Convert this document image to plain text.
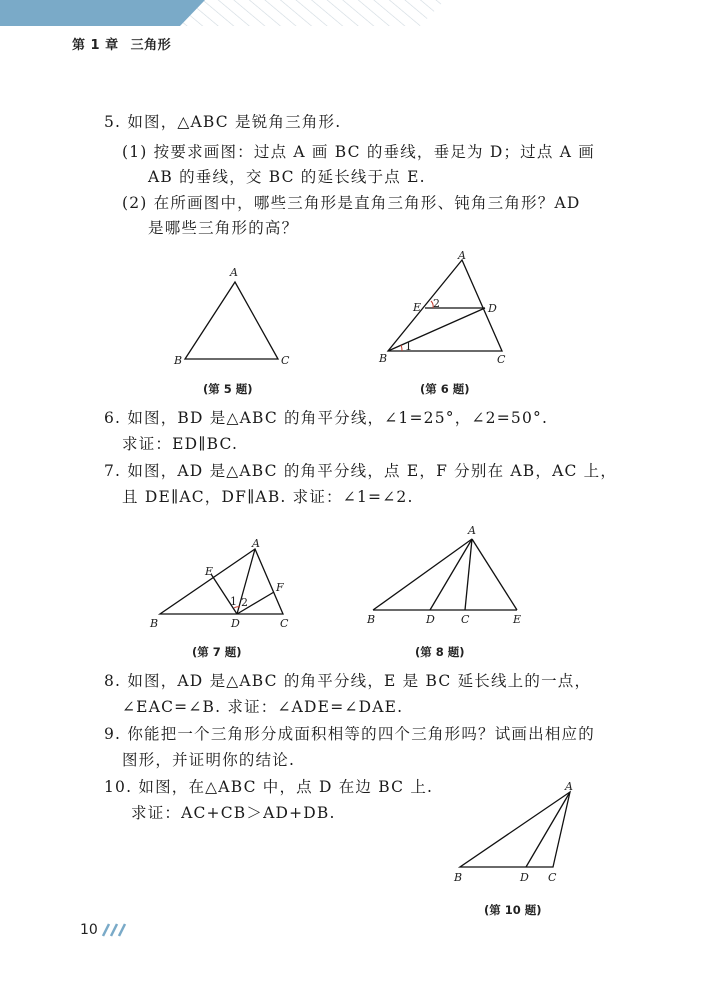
第 1 章 三角形
5. 如图，△ABC 是锐角三角形.
(1) 按要求画图：过点 A 画 BC 的垂线，垂足为 D；过点 A 画
AB 的垂线，交 BC 的延长线于点 E.
(2) 在所画图中，哪些三角形是直角三角形、钝角三角形？AD
是哪些三角形的高？
A
B	C
(第 5 题)
A
B	C
D
E
1
2
(第 6 题)
6. 如图，BD 是△ABC 的角平分线，∠1=25°，∠2=50°.
求证：ED∥BC.
7. 如图，AD 是△ABC 的角平分线，点 E，F 分别在 AB，AC 上，
且 DE∥AC，DF∥AB. 求证：∠1=∠2.
A
B	C
D
E
F
1 2
(第 7 题)
A
B	D C	E
(第 8 题)
8. 如图，AD 是△ABC 的角平分线，E 是 BC 延长线上的一点，
∠EAC=∠B. 求证：∠ADE=∠DAE.
9. 你能把一个三角形分成面积相等的四个三角形吗？试画出相应的
图形，并证明你的结论.
10. 如图，在△ABC 中，点 D 在边 BC 上.
求证：AC+CB＞AD+DB.
A
B	D C
(第 10 题)
10
